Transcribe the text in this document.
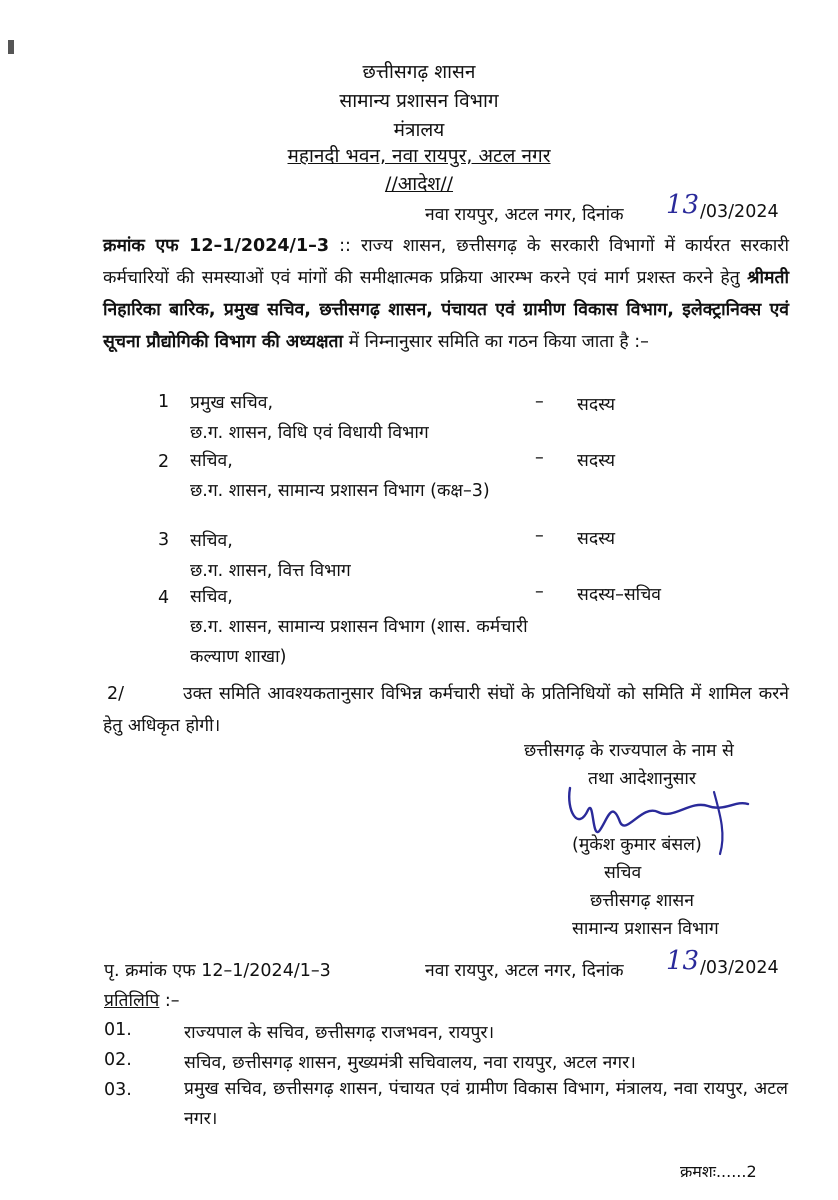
छत्तीसगढ़ शासन
सामान्य प्रशासन विभाग
मंत्रालय
महानदी भवन, नवा रायपुर, अटल नगर
//आदेश//
नवा रायपुर, अटल नगर, दिनांक 13 /03/2024
क्रमांक एफ 12–1/2024/1–3 :: राज्य शासन, छत्तीसगढ़ के सरकारी विभागों में कार्यरत सरकारी कर्मचारियों की समस्याओं एवं मांगों की समीक्षात्मक प्रक्रिया आरम्भ करने एवं मार्ग प्रशस्त करने हेतु श्रीमती निहारिका बारिक, प्रमुख सचिव, छत्तीसगढ़ शासन, पंचायत एवं ग्रामीण विकास विभाग, इलेक्ट्रानिक्स एवं सूचना प्रौद्योगिकी विभाग की अध्यक्षता में निम्नानुसार समिति का गठन किया जाता है :–
1 प्रमुख सचिव,
छ.ग. शासन, विधि एवं विधायी विभाग
– सदस्य
2 सचिव,
छ.ग. शासन, सामान्य प्रशासन विभाग (कक्ष–3)
– सदस्य
3 सचिव,
छ.ग. शासन, वित्त विभाग
– सदस्य
4 सचिव,
छ.ग. शासन, सामान्य प्रशासन विभाग (शास. कर्मचारी कल्याण शाखा)
– सदस्य–सचिव
2/	उक्त समिति आवश्यकतानुसार विभिन्न कर्मचारी संघों के प्रतिनिधियों को समिति में शामिल करने हेतु अधिकृत होगी।
छत्तीसगढ़ के राज्यपाल के नाम से
तथा आदेशानुसार
(मुकेश कुमार बंसल)
सचिव
छत्तीसगढ़ शासन
सामान्य प्रशासन विभाग
पृ. क्रमांक एफ 12–1/2024/1–3	नवा रायपुर, अटल नगर, दिनांक 13 /03/2024
प्रतिलिपि :–
01.	राज्यपाल के सचिव, छत्तीसगढ़ राजभवन, रायपुर।
02.	सचिव, छत्तीसगढ़ शासन, मुख्यमंत्री सचिवालय, नवा रायपुर, अटल नगर।
03.	प्रमुख सचिव, छत्तीसगढ़ शासन, पंचायत एवं ग्रामीण विकास विभाग, मंत्रालय, नवा रायपुर, अटल नगर।
क्रमशः......2
